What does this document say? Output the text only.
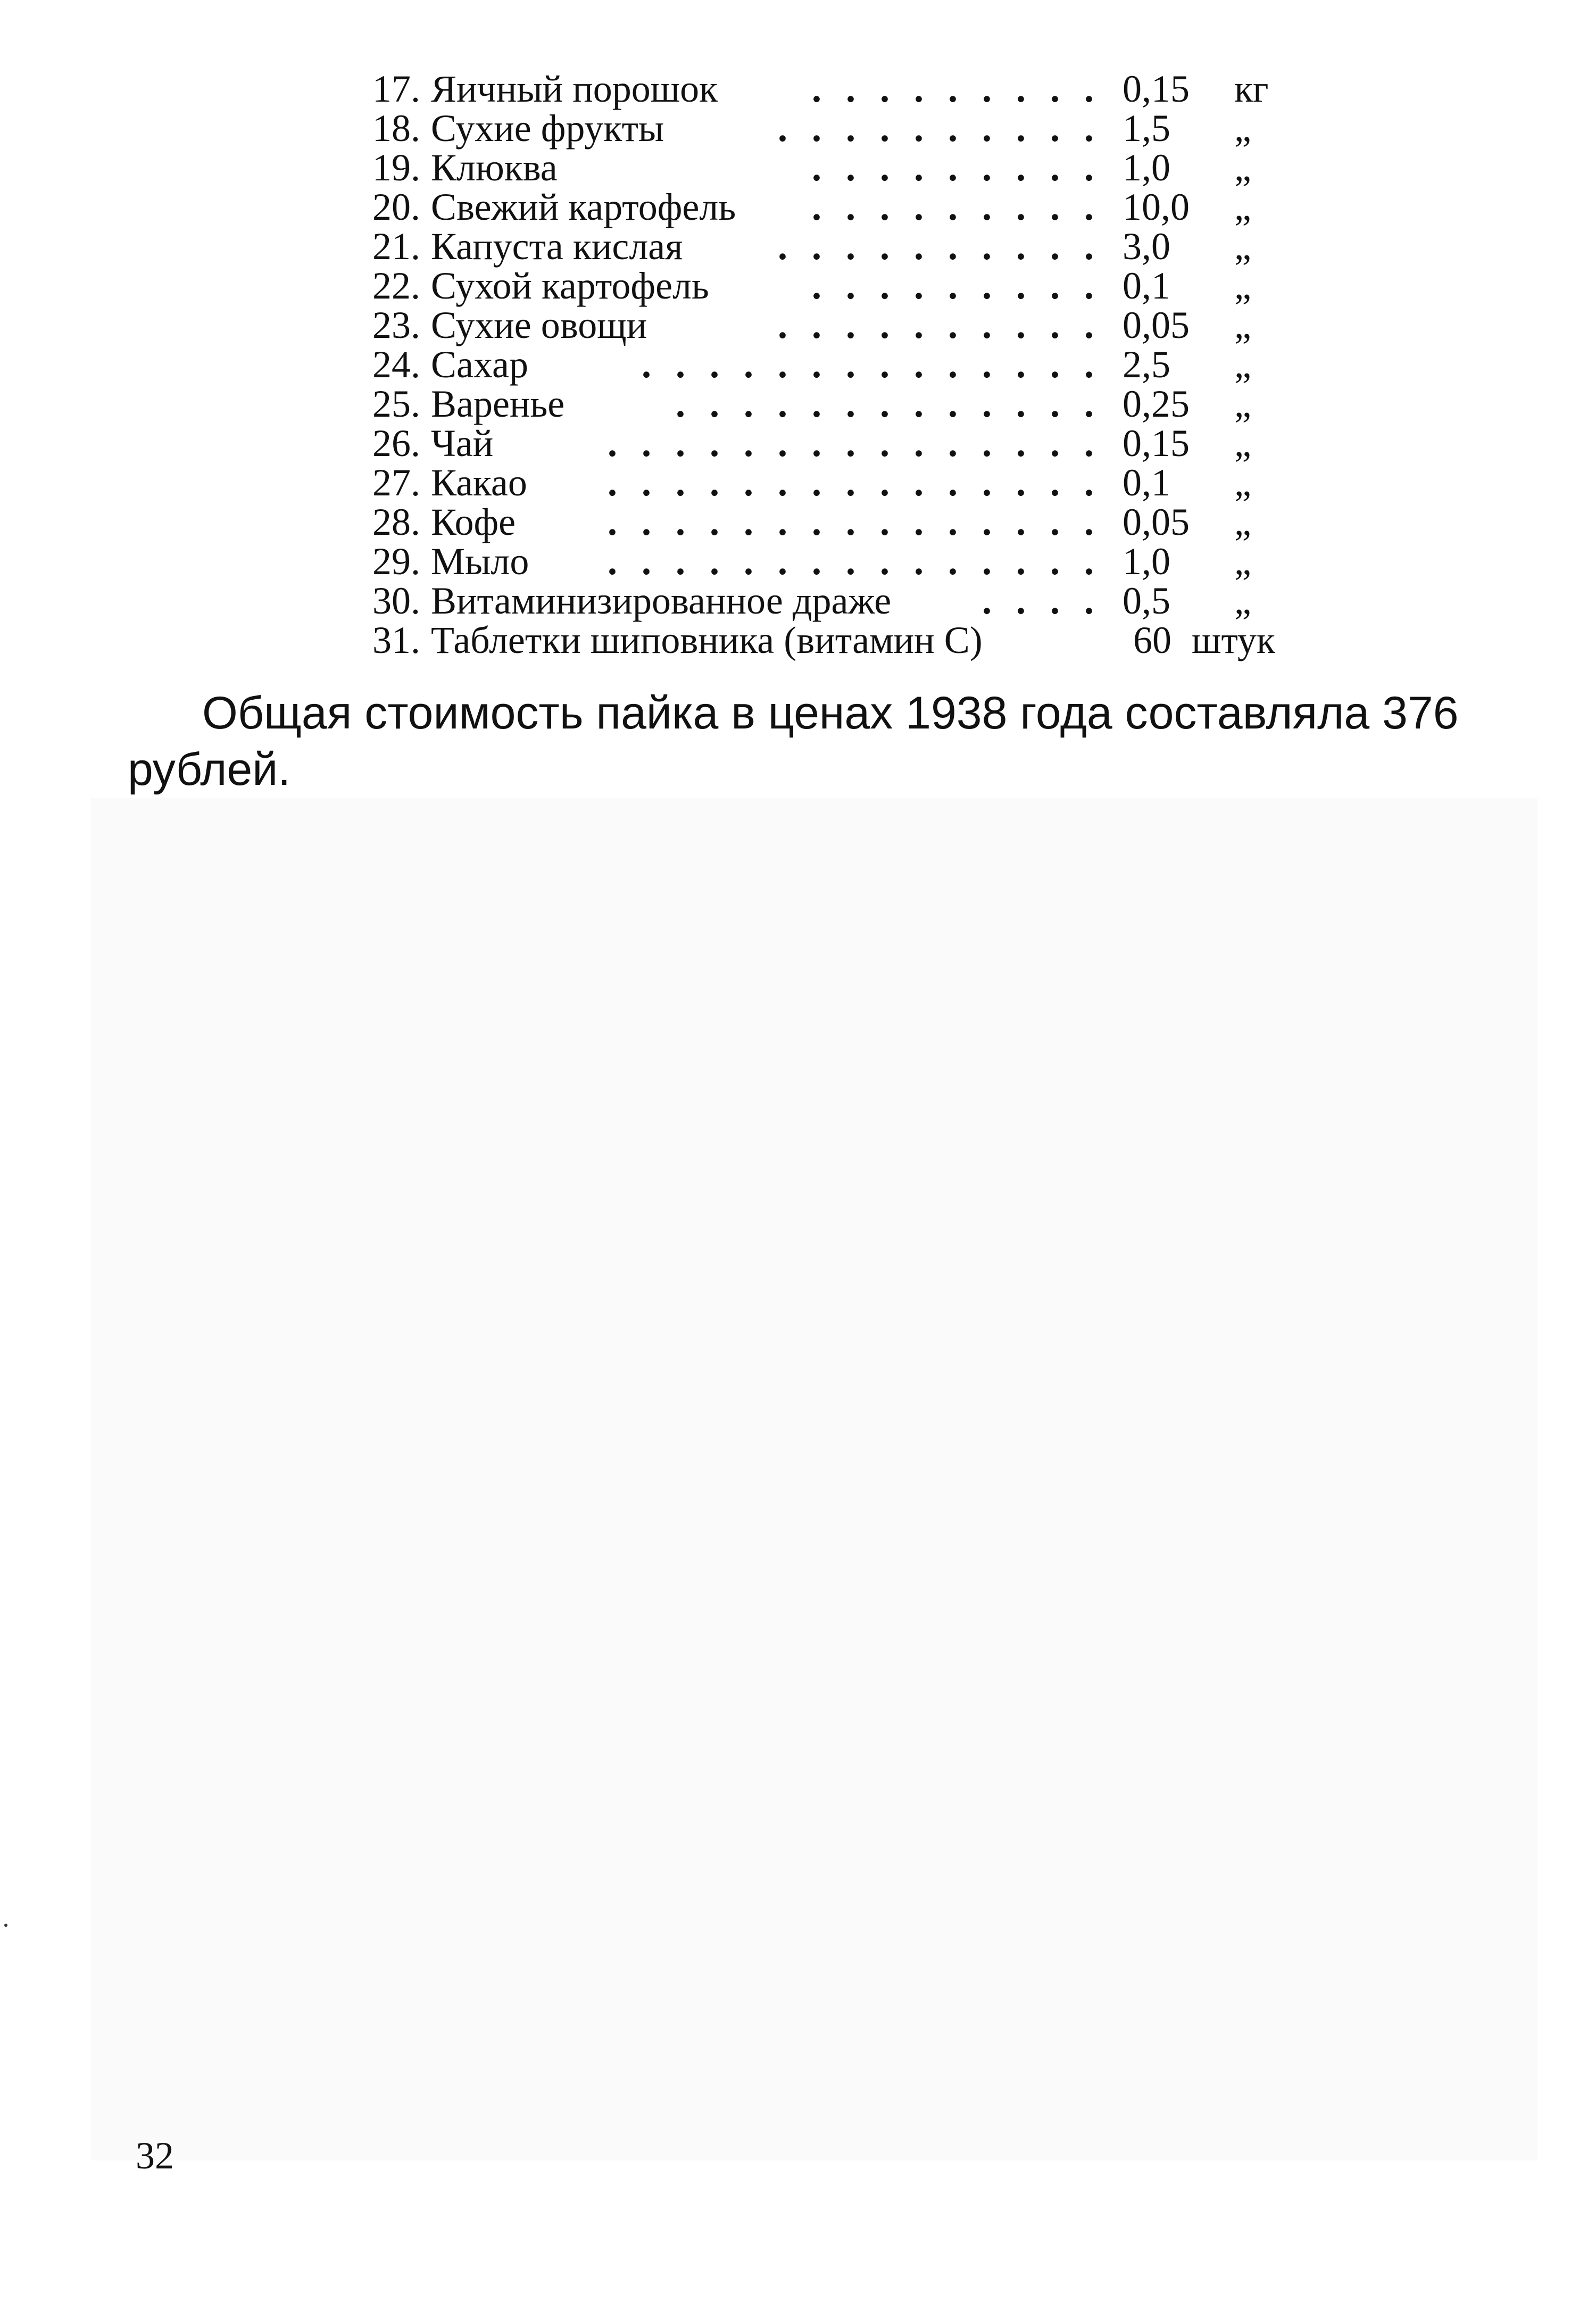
17. Яичный порошок . . . . . . . . . 0,15 кг
18. Сухие фрукты	. . . . . . . . . . 1,5 „
19. Клюква	. . . . . . . . . 1,0 „
20. Свежий картофель . . . . . . . . . 10,0 „
21. Капуста кислая . . . . . . . . . . 3,0 „
22. Сухой картофель	. . . . . . . . . 0,1 „
23. Сухие овощи	. . . . . . . . . . 0,05 „
24. Сахар	. . . . . . . . . . . . . . 2,5 „
25. Варенье	. . . . . . . . . . . . . 0,25 „
26. Чай	. . . . . . . . . . . . . . . 0,15 „
27. Какао . . . . . . . . . . . . . . . 0,1 „
28. Кофе . . . . . . . . . . . . . . . 0,05 „
29. Мыло . . . . . . . . . . . . . . . 1,0 „
30. Витаминизированное драже . . . . 0,5 „
31. Таблетки шиповника (витамин С)	60 штук
Общая стоимость пайка в ценах 1938 года составляла 376
рублей.
32
